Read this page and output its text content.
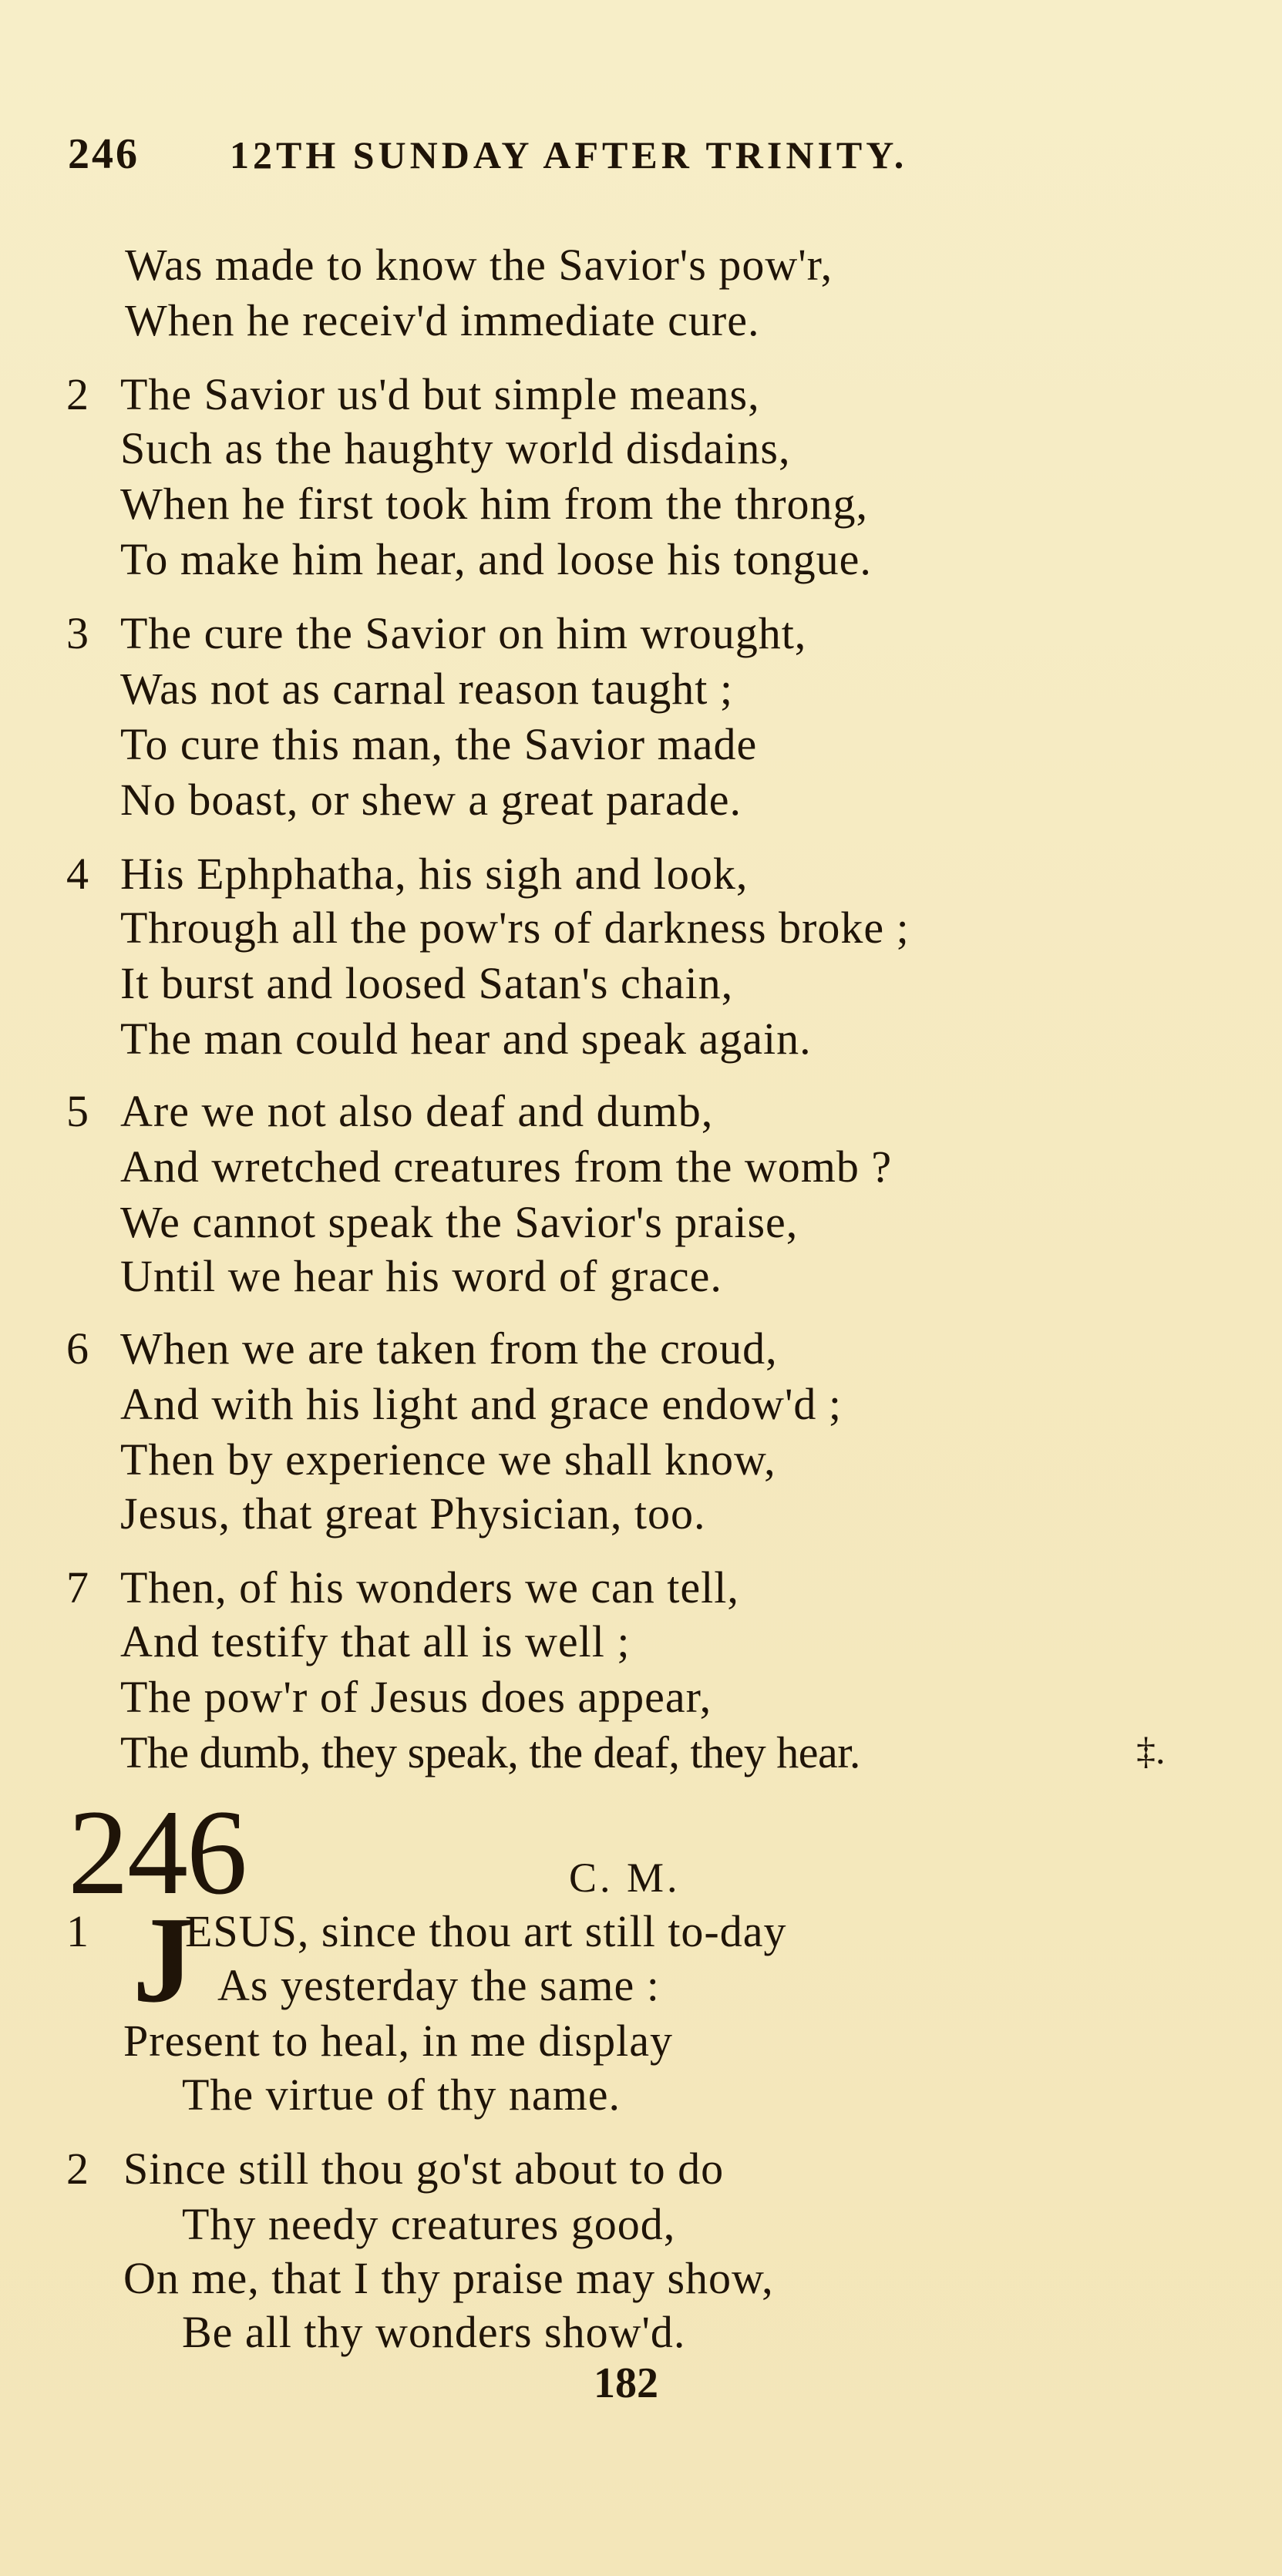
246 12TH SUNDAY AFTER TRINITY.
Was made to know the Savior's pow'r,
When he receiv'd immediate cure.
2 The Savior us'd but simple means,
Such as the haughty world disdains,
When he first took him from the throng,
To make him hear, and loose his tongue.
3 The cure the Savior on him wrought,
Was not as carnal reason taught ;
To cure this man, the Savior made
No boast, or shew a great parade.
4 His Ephphatha, his sigh and look,
Through all the pow'rs of darkness broke ;
It burst and loosed Satan's chain,
The man could hear and speak again.
5 Are we not also deaf and dumb,
And wretched creatures from the womb ?
We cannot speak the Savior's praise,
Until we hear his word of grace.
6 When we are taken from the croud,
And with his light and grace endow'd ;
Then by experience we shall know,
Jesus, that great Physician, too.
7 Then, of his wonders we can tell,
And testify that all is well ;
The pow'r of Jesus does appear,
The dumb, they speak, the deaf, they hear.	‡.
246	C. M.
1 J
ESUS, since thou art still to-day
As yesterday the same :
Present to heal, in me display
The virtue of thy name.
2 Since still thou go'st about to do
Thy needy creatures good,
On me, that I thy praise may show,
Be all thy wonders show'd.
182
